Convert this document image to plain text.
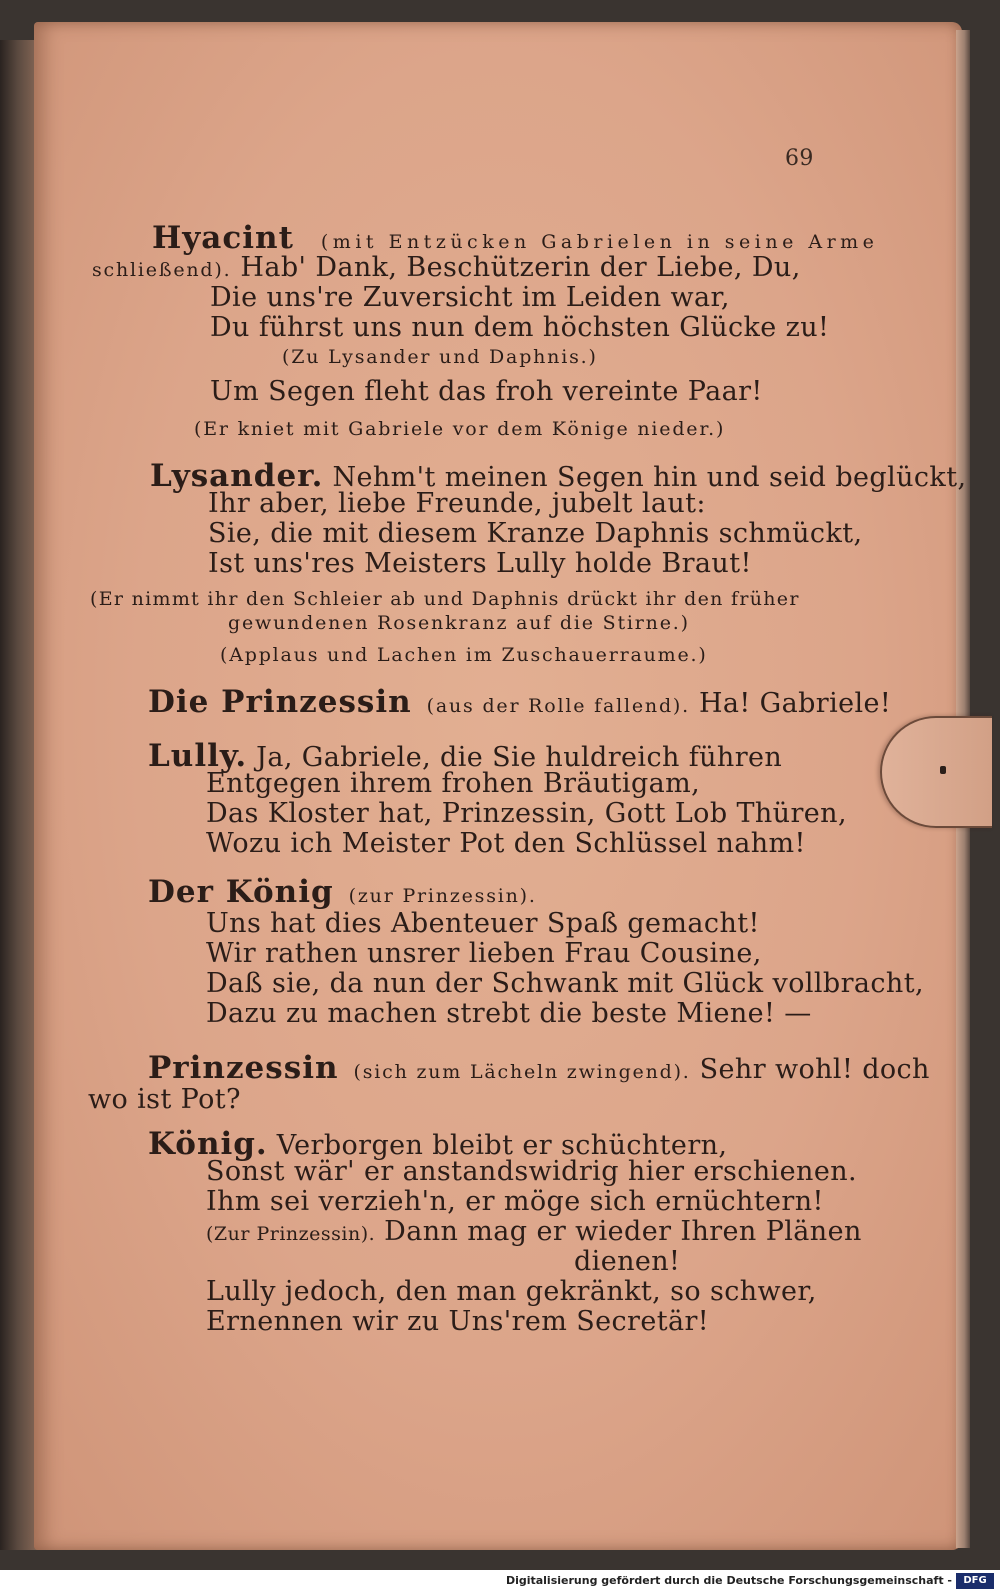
69
Hyacint (mit Entzücken Gabrielen in seine Arme
schließend). Hab' Dank, Beschützerin der Liebe, Du,
Die uns're Zuversicht im Leiden war,
Du führst uns nun dem höchsten Glücke zu!
(Zu Lysander und Daphnis.)
Um Segen fleht das froh vereinte Paar!
(Er kniet mit Gabriele vor dem Könige nieder.)
Lysander. Nehm't meinen Segen hin und seid beglückt,
Ihr aber, liebe Freunde, jubelt laut:
Sie, die mit diesem Kranze Daphnis schmückt,
Ist uns'res Meisters Lully holde Braut!
(Er nimmt ihr den Schleier ab und Daphnis drückt ihr den früher
gewundenen Rosenkranz auf die Stirne.)
(Applaus und Lachen im Zuschauerraume.)
Die Prinzessin (aus der Rolle fallend). Ha! Gabriele!
Lully. Ja, Gabriele, die Sie huldreich führen
Entgegen ihrem frohen Bräutigam,
Das Kloster hat, Prinzessin, Gott Lob Thüren,
Wozu ich Meister Pot den Schlüssel nahm!
Der König (zur Prinzessin).
Uns hat dies Abenteuer Spaß gemacht!
Wir rathen unsrer lieben Frau Cousine,
Daß sie, da nun der Schwank mit Glück vollbracht,
Dazu zu machen strebt die beste Miene! —
Prinzessin (sich zum Lächeln zwingend). Sehr wohl! doch
wo ist Pot?
König. Verborgen bleibt er schüchtern,
Sonst wär' er anstandswidrig hier erschienen.
Ihm sei verzieh'n, er möge sich ernüchtern!
(Zur Prinzessin). Dann mag er wieder Ihren Plänen
dienen!
Lully jedoch, den man gekränkt, so schwer,
Ernennen wir zu Uns'rem Secretär!
Digitalisierung gefördert durch die Deutsche Forschungsgemeinschaft -	DFG
